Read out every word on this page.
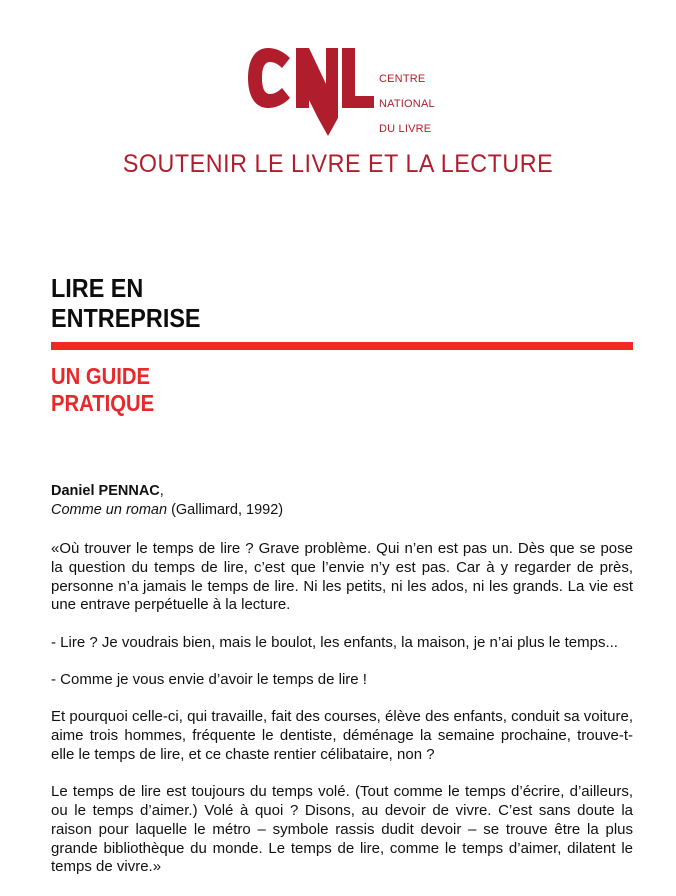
CENTRE

NATIONAL

DU LIVRE

SOUTENIR LE LIVRE ET LA LECTURE
LIRE EN
ENTREPRISE
UN GUIDE
PRATIQUE
Daniel PENNAC,
Comme un roman (Gallimard, 1992)

«Où trouver le temps de lire ? Grave problème. Qui n’en est pas un. Dès que se pose la question du temps de lire, c’est que l’envie n’y est pas. Car à y regarder de près, personne n’a jamais le temps de lire. Ni les petits, ni les ados, ni les grands. La vie est une entrave perpétuelle à la lecture.

- Lire ? Je voudrais bien, mais le boulot, les enfants, la maison, je n’ai plus le temps...

- Comme je vous envie d’avoir le temps de lire !

Et pourquoi celle-ci, qui travaille, fait des courses, élève des enfants, conduit sa voiture, aime trois hommes, fréquente le dentiste, déménage la semaine prochaine, trouve-t-elle le temps de lire, et ce chaste rentier célibataire, non ?

Le temps de lire est toujours du temps volé. (Tout comme le temps d’écrire, d’ailleurs, ou le temps d’aimer.) Volé à quoi ? Disons, au devoir de vivre. C’est sans doute la raison pour laquelle le métro – symbole rassis dudit devoir – se trouve être la plus grande bibliothèque du monde. Le temps de lire, comme le temps d’aimer, dilatent le temps de vivre.»
